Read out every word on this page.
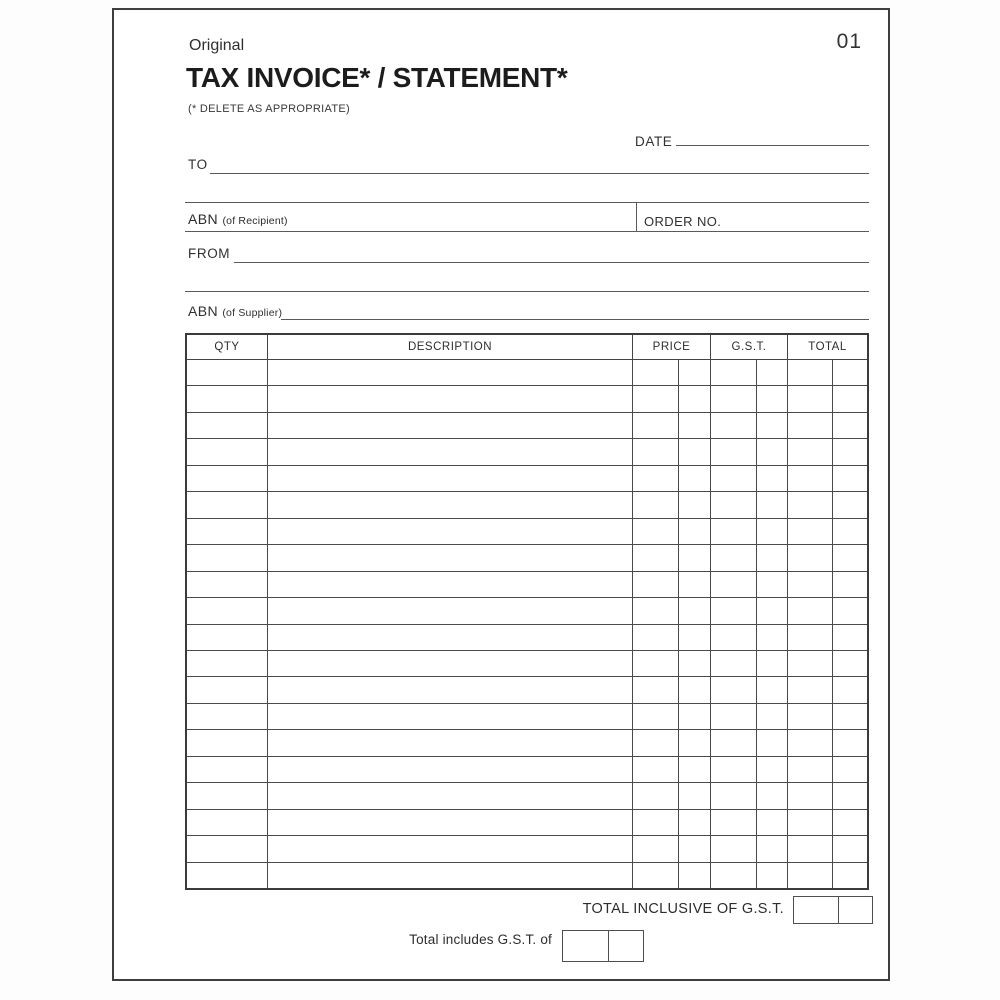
Original	01
TAX INVOICE* / STATEMENT*
(* DELETE AS APPROPRIATE)
DATE
TO
ABN (of Recipient)	ORDER NO.
FROM
ABN (of Supplier)
QTY	DESCRIPTION	PRICE	G.S.T.	TOTAL
TOTAL INCLUSIVE OF G.S.T.
Total includes G.S.T. of
